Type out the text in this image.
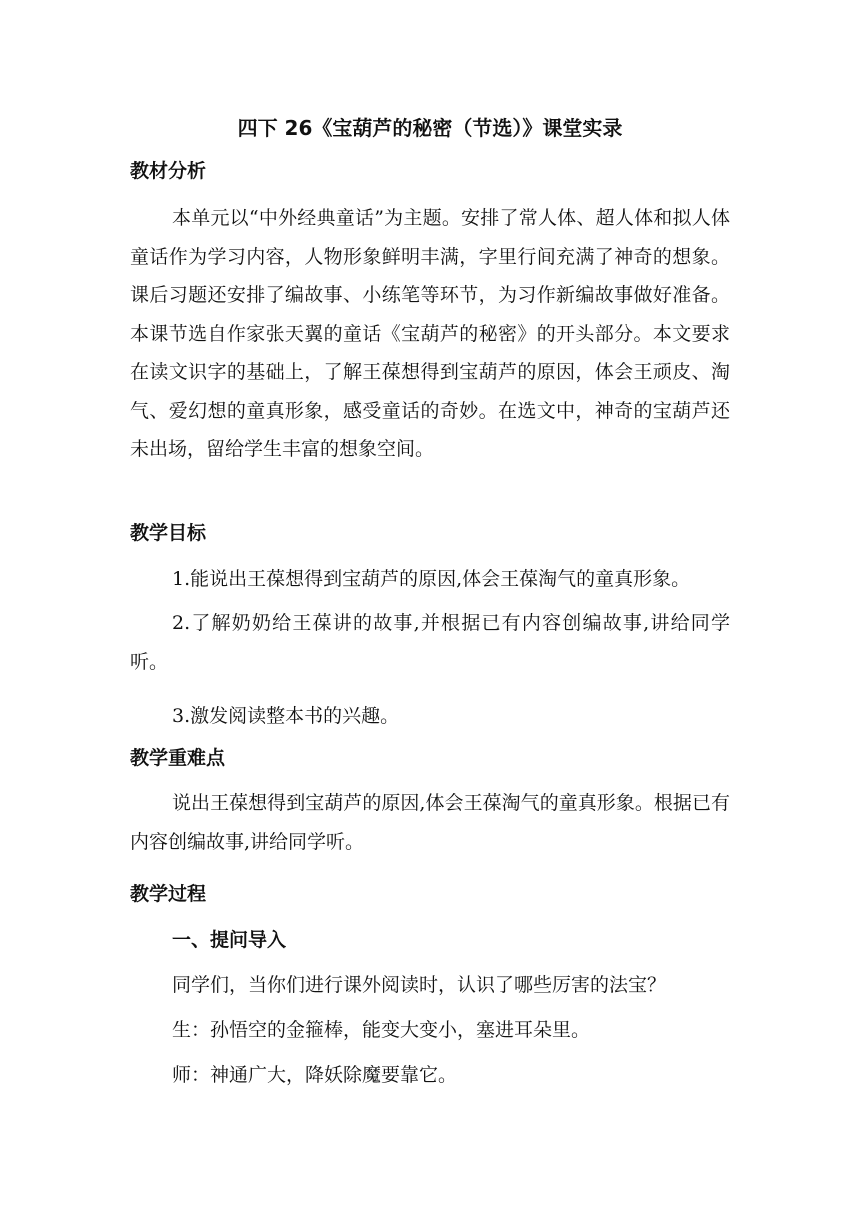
四下 26《宝葫芦的秘密（节选）》课堂实录
教材分析

本单元以“中外经典童话”为主题。安排了常人体、超人体和拟人体童话作为学习内容，人物形象鲜明丰满，字里行间充满了神奇的想象。课后习题还安排了编故事、小练笔等环节，为习作新编故事做好准备。 本课节选自作家张天翼的童话《宝葫芦的秘密》的开头部分。本文要求在读文识字的基础上，了解王葆想得到宝葫芦的原因，体会王顽皮、淘气、爱幻想的童真形象，感受童话的奇妙。在选文中，神奇的宝葫芦还未出场，留给学生丰富的想象空间。

教学目标

1.能说出王葆想得到宝葫芦的原因,体会王葆淘气的童真形象。

2.了解奶奶给王葆讲的故事,并根据已有内容创编故事,讲给同学听。

3.激发阅读整本书的兴趣。

教学重难点

说出王葆想得到宝葫芦的原因,体会王葆淘气的童真形象。根据已有内容创编故事,讲给同学听。

教学过程
一、提问导入
同学们，当你们进行课外阅读时，认识了哪些厉害的法宝？
生：孙悟空的金箍棒，能变大变小，塞进耳朵里。
师：神通广大，降妖除魔要靠它。
